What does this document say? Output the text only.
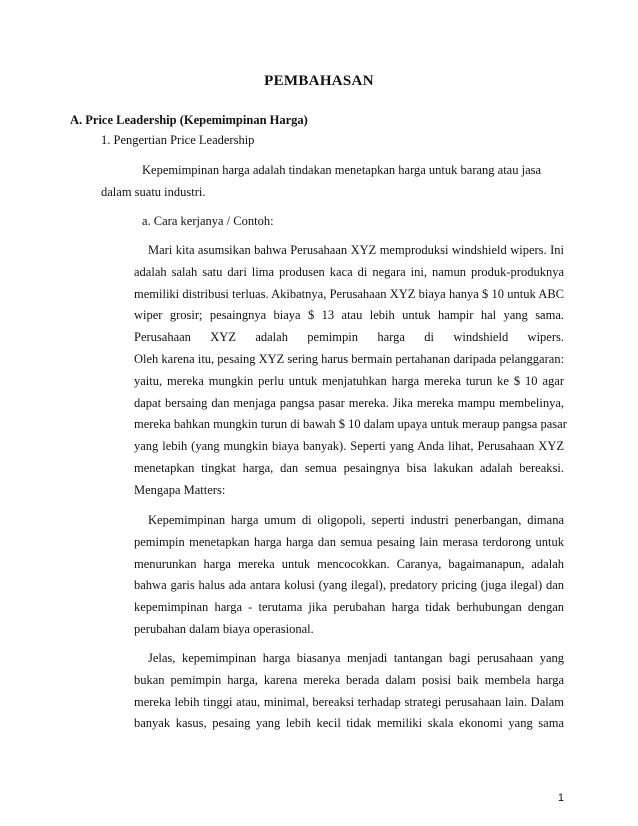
PEMBAHASAN
A. Price Leadership (Kepemimpinan Harga)
1. Pengertian Price Leadership
Kepemimpinan harga adalah tindakan menetapkan harga untuk barang atau jasa
dalam suatu industri.
a. Cara kerjanya / Contoh:
Mari kita asumsikan bahwa Perusahaan XYZ memproduksi windshield wipers. Ini
adalah salah satu dari lima produsen kaca di negara ini, namun produk-produknya
memiliki distribusi terluas. Akibatnya, Perusahaan XYZ biaya hanya $ 10 untuk ABC
wiper grosir; pesaingnya biaya $ 13 atau lebih untuk hampir hal yang sama.
Perusahaan XYZ adalah pemimpin harga di windshield wipers.
Oleh karena itu, pesaing XYZ sering harus bermain pertahanan daripada pelanggaran:
yaitu, mereka mungkin perlu untuk menjatuhkan harga mereka turun ke $ 10 agar
dapat bersaing dan menjaga pangsa pasar mereka. Jika mereka mampu membelinya,
mereka bahkan mungkin turun di bawah $ 10 dalam upaya untuk meraup pangsa pasar
yang lebih (yang mungkin biaya banyak). Seperti yang Anda lihat, Perusahaan XYZ
menetapkan tingkat harga, dan semua pesaingnya bisa lakukan adalah bereaksi.
Mengapa Matters:
Kepemimpinan harga umum di oligopoli, seperti industri penerbangan, dimana
pemimpin menetapkan harga harga dan semua pesaing lain merasa terdorong untuk
menurunkan harga mereka untuk mencocokkan. Caranya, bagaimanapun, adalah
bahwa garis halus ada antara kolusi (yang ilegal), predatory pricing (juga ilegal) dan
kepemimpinan harga - terutama jika perubahan harga tidak berhubungan dengan
perubahan dalam biaya operasional.
Jelas, kepemimpinan harga biasanya menjadi tantangan bagi perusahaan yang
bukan pemimpin harga, karena mereka berada dalam posisi baik membela harga
mereka lebih tinggi atau, minimal, bereaksi terhadap strategi perusahaan lain. Dalam
banyak kasus, pesaing yang lebih kecil tidak memiliki skala ekonomi yang sama
1
